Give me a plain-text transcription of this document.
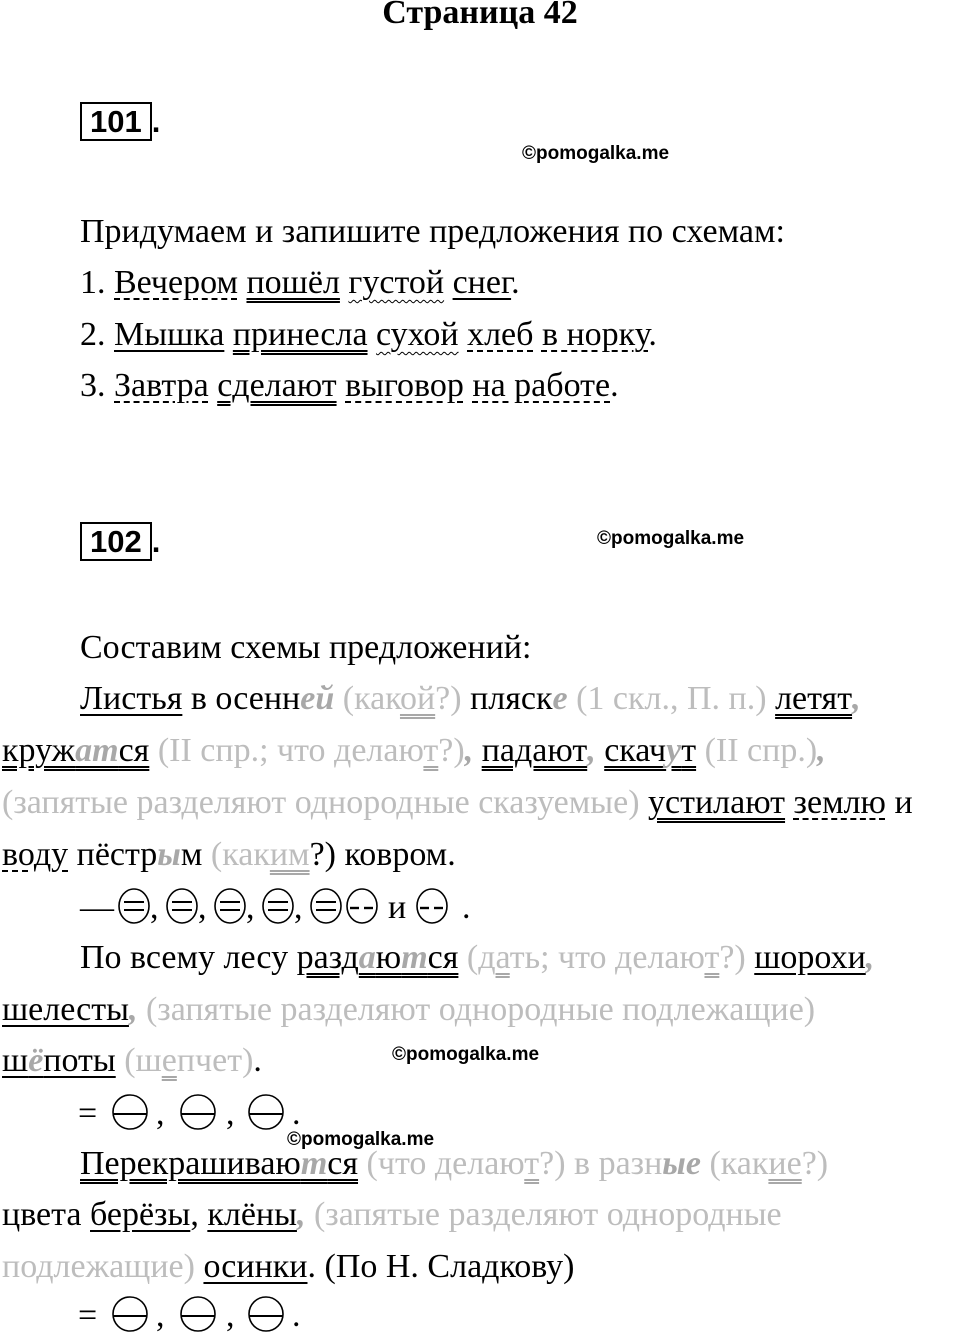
Страница 42
101 .
©pomogalka.me
Придумаем и запишите предложения по схемам:
1. Вечером пошёл густой снег.
2. Мышка принесла сухой хлеб в норку.
3. Завтра сделают выговор на работе.
102 .	©pomogalka.me
Составим схемы предложений:
Листья в осенней (какой?) пляске (1 скл., П. п.) летят,
кружатся (II спр.; что делают?), падают, скачут (II спр.),
(запятые разделяют однородные сказуемые) устилают землю и
воду пёстрым (каким?) ковром.
— , , , ,	и .
По всему лесу раздаются (дать; что делают?) шорохи,
шелесты, (запятые разделяют однородные подлежащие)
шёпоты (шепчет).	©pomogalka.me
= , , .
©pomogalka.me
Перекрашиваются (что делают?) в разные (какие?)
цвета берёзы, клёны, (запятые разделяют однородные
подлежащие) осинки. (По Н. Сладкову)
= , , .
